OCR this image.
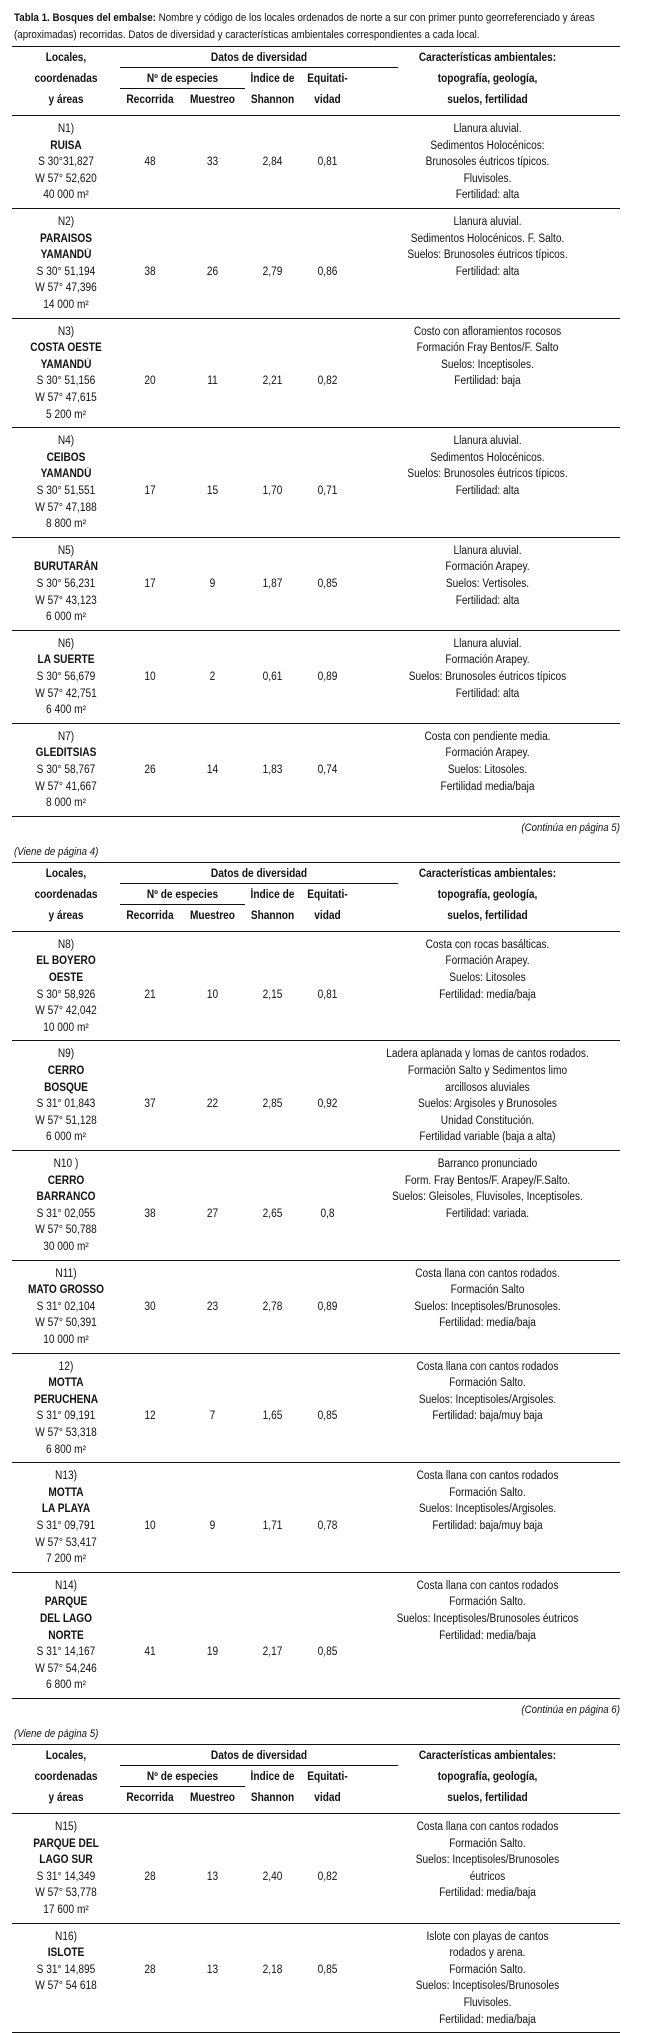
Tabla 1. Bosques del embalse: Nombre y código de los locales ordenados de norte a sur con primer punto georreferenciado y áreas (aproximadas) recorridas. Datos de diversidad y características ambientales correspondientes a cada local.
Locales,
coordenadas
y áreas
Datos de diversidad
Nº de especies
Recorrida	Muestreo
Índice de
Shannon
Equitati-
vidad
Características ambientales:
topografía, geología,
suelos, fertilidad
N1)
RUISA
S 30°31,827
W 57° 52,620
40 000 m²
48	33	2,84	0,81
Llanura aluvial.
Sedimentos Holocénicos:
Brunosoles éutricos típicos.
Fluvisoles.
Fertilidad: alta
N2)
PARAISOS
YAMANDÚ
S 30° 51,194
W 57° 47,396
14 000 m²
38	26	2,79	0,86
Llanura aluvial.
Sedimentos Holocénicos. F. Salto.
Suelos: Brunosoles éutricos típicos.
Fertilidad: alta
N3)
COSTA OESTE
YAMANDÚ
S 30° 51,156
W 57° 47,615
5 200 m²
20	11	2,21	0,82
Costo con afloramientos rocosos
Formación Fray Bentos/F. Salto
Suelos: Inceptisoles.
Fertilidad: baja
N4)
CEIBOS
YAMANDÚ
S 30° 51,551
W 57° 47,188
8 800 m²
17	15	1,70	0,71
Llanura aluvial.
Sedimentos Holocénicos.
Suelos: Brunosoles éutricos típicos.
Fertilidad: alta
N5)
BURUTARÁN
S 30° 56,231
W 57° 43,123
6 000 m²
17	9	1,87	0,85
Llanura aluvial.
Formación Arapey.
Suelos: Vertisoles.
Fertilidad: alta
N6)
LA SUERTE
S 30° 56,679
W 57° 42,751
6 400 m²
10	2	0,61	0,89
Llanura aluvial.
Formación Arapey.
Suelos: Brunosoles éutricos típicos
Fertilidad: alta
N7)
GLEDITSIAS
S 30° 58,767
W 57° 41,667
8 000 m²
26	14	1,83	0,74
Costa con pendiente media.
Formación Arapey.
Suelos: Litosoles.
Fertilidad media/baja
(Continúa en página 5)
(Viene de página 4)
Locales,
coordenadas
y áreas
Datos de diversidad
Nº de especies
Recorrida	Muestreo
Índice de
Shannon
Equitati-
vidad
Características ambientales:
topografía, geología,
suelos, fertilidad
N8)
EL BOYERO
OESTE
S 30° 58,926
W 57° 42,042
10 000 m²
21	10	2,15	0,81
Costa con rocas basálticas.
Formación Arapey.
Suelos: Litosoles
Fertilidad: media/baja
N9)
CERRO
BOSQUE
S 31° 01,843
W 57° 51,128
6 000 m²
37	22	2,85	0,92
Ladera aplanada y lomas de cantos rodados.
Formación Salto y Sedimentos limo
arcillosos aluviales
Suelos: Argisoles y Brunosoles
Unidad Constitución.
Fertilidad variable (baja a alta)
N10 )
CERRO
BARRANCO
S 31° 02,055
W 57° 50,788
30 000 m²
38	27	2,65	0,8
Barranco pronunciado
Form. Fray Bentos/F. Arapey/F.Salto.
Suelos: Gleisoles, Fluvisoles, Inceptisoles.
Fertilidad: variada.
N11)
MATO GROSSO
S 31° 02,104
W 57° 50,391
10 000 m²
30	23	2,78	0,89
Costa llana con cantos rodados.
Formación Salto
Suelos: Inceptisoles/Brunosoles.
Fertilidad: media/baja
12)
MOTTA
PERUCHENA
S 31° 09,191
W 57° 53,318
6 800 m²
12	7	1,65	0,85
Costa llana con cantos rodados
Formación Salto.
Suelos: Inceptisoles/Argisoles.
Fertilidad: baja/muy baja
N13)
MOTTA
LA PLAYA
S 31° 09,791
W 57° 53,417
7 200 m²
10	9	1,71	0,78
Costa llana con cantos rodados
Formación Salto.
Suelos: Inceptisoles/Argisoles.
Fertilidad: baja/muy baja
N14)
PARQUE
DEL LAGO
NORTE
S 31° 14,167
W 57° 54,246
6 800 m²
41	19	2,17	0,85
Costa llana con cantos rodados
Formación Salto.
Suelos: Inceptisoles/Brunosoles éutricos
Fertilidad: media/baja
(Continúa en página 6)
(Viene de página 5)
Locales,
coordenadas
y áreas
Datos de diversidad
Nº de especies
Recorrida	Muestreo
Índice de
Shannon
Equitati-
vidad
Características ambientales:
topografía, geología,
suelos, fertilidad
N15)
PARQUE DEL
LAGO SUR
S 31° 14,349
W 57° 53,778
17 600 m²
28	13	2,40	0,82
Costa llana con cantos rodados
Formación Salto.
Suelos: Inceptisoles/Brunosoles
éutricos
Fertilidad: media/baja
N16)
ISLOTE
S 31° 14,895
W 57° 54 618
28	13	2,18	0,85
Islote con playas de cantos
rodados y arena.
Formación Salto.
Suelos: Inceptisoles/Brunosoles
Fluvisoles.
Fertilidad: media/baja
